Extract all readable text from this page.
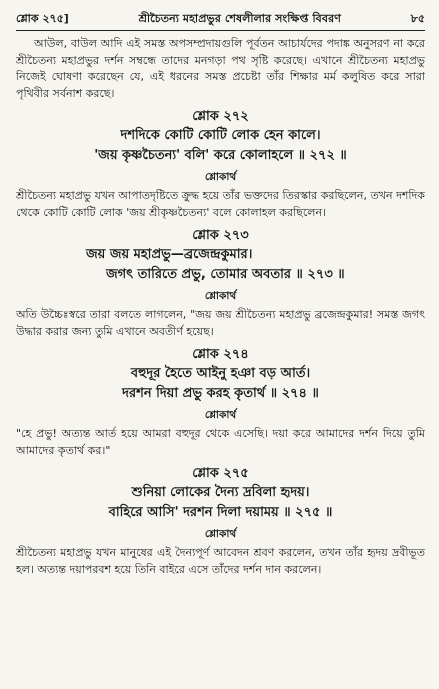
শ্লোক ২৭৫]	শ্রীচৈতন্য মহাপ্রভুর শেষলীলার সংক্ষিপ্ত বিবরণ	৮৫

আউল, বাউল আদি এই সমস্ত অপসম্প্রদায়গুলি পূর্বতন আচার্যদের পদাঙ্ক অনুসরণ না করে শ্রীচৈতন্য মহাপ্রভুর দর্শন সম্বন্ধে তাদের মনগড়া পথ সৃষ্টি করেছে। এখানে শ্রীচৈতন্য মহাপ্রভু নিজেই ঘোষণা করেছেন যে, এই ধরনের সমস্ত প্রচেষ্টা তাঁর শিক্ষার মর্ম কলুষিত করে সারা পৃথিবীর সর্বনাশ করছে।

শ্লোক ২৭২
দশদিকে কোটি কোটি লোক হেন কালে।
'জয় কৃষ্ণচৈতন্য' বলি' করে কোলাহলে ॥ ২৭২ ॥
শ্লোকার্থ

শ্রীচৈতন্য মহাপ্রভু যখন আপাতদৃষ্টিতে ক্রুদ্ধ হয়ে তাঁর ভক্তদের তিরস্কার করছিলেন, তখন দশদিক থেকে কোটি কোটি লোক 'জয় শ্রীকৃষ্ণচৈতন্য' বলে কোলাহল করছিলেন।

শ্লোক ২৭৩
জয় জয় মহাপ্রভু—ব্রজেন্দ্রকুমার।
জগৎ তারিতে প্রভু, তোমার অবতার ॥ ২৭৩ ॥
শ্লোকার্থ

অতি উচ্চৈঃস্বরে তারা বলতে লাগলেন, "জয় জয় শ্রীচৈতন্য মহাপ্রভু ব্রজেন্দ্রকুমার! সমস্ত জগৎ উদ্ধার করার জন্য তুমি এখানে অবতীর্ণ হয়েছ।

শ্লোক ২৭৪
বহুদূর হৈতে আইনু হঞা বড় আর্ত।
দরশন দিয়া প্রভু করহ কৃতার্থ ॥ ২৭৪ ॥
শ্লোকার্থ

"হে প্রভু! অত্যন্ত আর্ত হয়ে আমরা বহুদূর থেকে এসেছি। দয়া করে আমাদের দর্শন দিয়ে তুমি আমাদের কৃতার্থ কর।"

শ্লোক ২৭৫
শুনিয়া লোকের দৈন্য দ্রবিলা হৃদয়।
বাহিরে আসি' দরশন দিলা দয়াময় ॥ ২৭৫ ॥
শ্লোকার্থ

শ্রীচৈতন্য মহাপ্রভু যখন মানুষের এই দৈন্যপূর্ণ আবেদন শ্রবণ করলেন, তখন তাঁর হৃদয় দ্রবীভূত হল। অত্যন্ত দয়াপরবশ হয়ে তিনি বাইরে এসে তাঁদের দর্শন দান করলেন।
